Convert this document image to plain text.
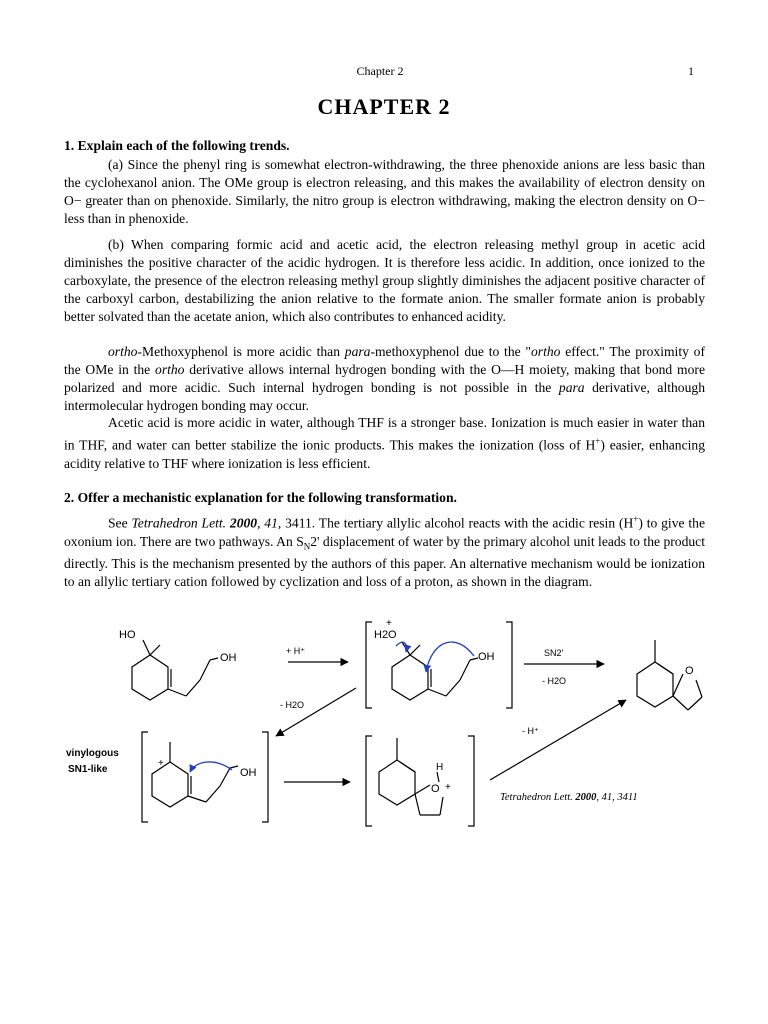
Chapter 2	1
CHAPTER 2
1. Explain each of the following trends.

(a) Since the phenyl ring is somewhat electron-withdrawing, the three phenoxide anions are less basic than the cyclohexanol anion. The OMe group is electron releasing, and this makes the availability of electron density on O− greater than on phenoxide. Similarly, the nitro group is electron withdrawing, making the electron density on O− less than in phenoxide.

(b) When comparing formic acid and acetic acid, the electron releasing methyl group in acetic acid diminishes the positive character of the acidic hydrogen. It is therefore less acidic. In addition, once ionized to the carboxylate, the presence of the electron releasing methyl group slightly diminishes the adjacent positive character of the carboxyl carbon, destabilizing the anion relative to the formate anion. The smaller formate anion is probably better solvated than the acetate anion, which also contributes to enhanced acidity.

ortho-Methoxyphenol is more acidic than para-methoxyphenol due to the "ortho effect." The proximity of the OMe in the ortho derivative allows internal hydrogen bonding with the O—H moiety, making that bond more polarized and more acidic. Such internal hydrogen bonding is not possible in the para derivative, although intermolecular hydrogen bonding may occur.

Acetic acid is more acidic in water, although THF is a stronger base. Ionization is much easier in water than in THF, and water can better stabilize the ionic products. This makes the ionization (loss of H+) easier, enhancing acidity relative to THF where ionization is less efficient.

2. Offer a mechanistic explanation for the following transformation.

See Tetrahedron Lett. 2000, 41, 3411. The tertiary allylic alcohol reacts with the acidic resin (H+) to give the oxonium ion. There are two pathways. An $S_N2'$ displacement of water by the primary alcohol unit leads to the product directly. This is the mechanism presented by the authors of this paper. An alternative mechanism would be ionization to an allylic tertiary cation followed by cyclization and loss of a proton, as shown in the diagram.

HO
OH
H2O
+
OH
OH
+	H
O +
O
+ H⁺	SN2'
- H2O
- H2O
- H⁺
vinylogous
SN1-like
Tetrahedron Lett. 2000, 41, 3411
